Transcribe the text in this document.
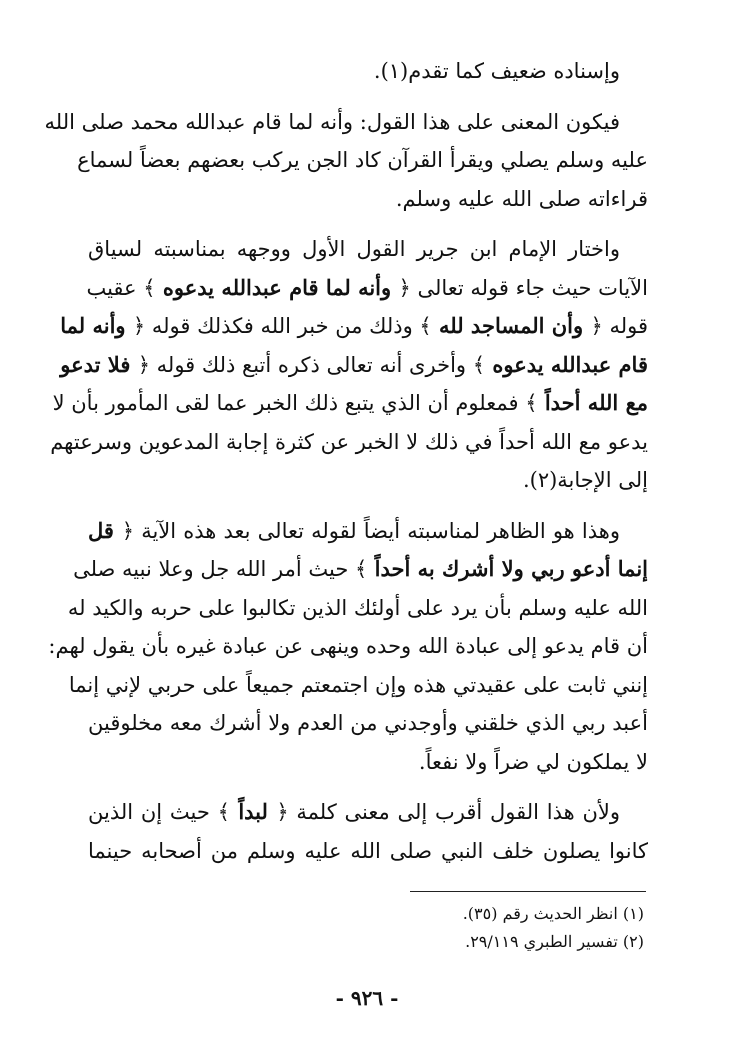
وإسناده ضعيف كما تقدم(١).
فيكون المعنى على هذا القول: وأنه لما قام عبدالله محمد صلى الله
عليه وسلم يصلي ويقرأ القرآن كاد الجن يركب بعضهم بعضاً لسماع
قراءاته صلى الله عليه وسلم.
واختار الإمام ابن جرير القول الأول ووجهه بمناسبته لسياق
الآيات حيث جاء قوله تعالى ﴿ وأنه لما قام عبدالله يدعوه ﴾ عقيب
قوله ﴿ وأن المساجد لله ﴾ وذلك من خبر الله فكذلك قوله ﴿ وأنه لما
قام عبدالله يدعوه ﴾ وأخرى أنه تعالى ذكره أتبع ذلك قوله ﴿ فلا تدعو
مع الله أحداً ﴾ فمعلوم أن الذي يتبع ذلك الخبر عما لقى المأمور بأن لا
يدعو مع الله أحداً في ذلك لا الخبر عن كثرة إجابة المدعوين وسرعتهم
إلى الإجابة(٢).
وهذا هو الظاهر لمناسبته أيضاً لقوله تعالى بعد هذه الآية ﴿ قل
إنما أدعو ربي ولا أشرك به أحداً ﴾ حيث أمر الله جل وعلا نبيه صلى
الله عليه وسلم بأن يرد على أولئك الذين تكالبوا على حربه والكيد له
أن قام يدعو إلى عبادة الله وحده وينهى عن عبادة غيره بأن يقول لهم:
إنني ثابت على عقيدتي هذه وإن اجتمعتم جميعاً على حربي لإني إنما
أعبد ربي الذي خلقني وأوجدني من العدم ولا أشرك معه مخلوقين
لا يملكون لي ضراً ولا نفعاً.
ولأن هذا القول أقرب إلى معنى كلمة ﴿ لبداً ﴾ حيث إن الذين
كانوا يصلون خلف النبي صلى الله عليه وسلم من أصحابه حينما
(١) انظر الحديث رقم (٣٥).
(٢) تفسير الطبري ٢٩/١١٩.
- ٩٢٦ -
